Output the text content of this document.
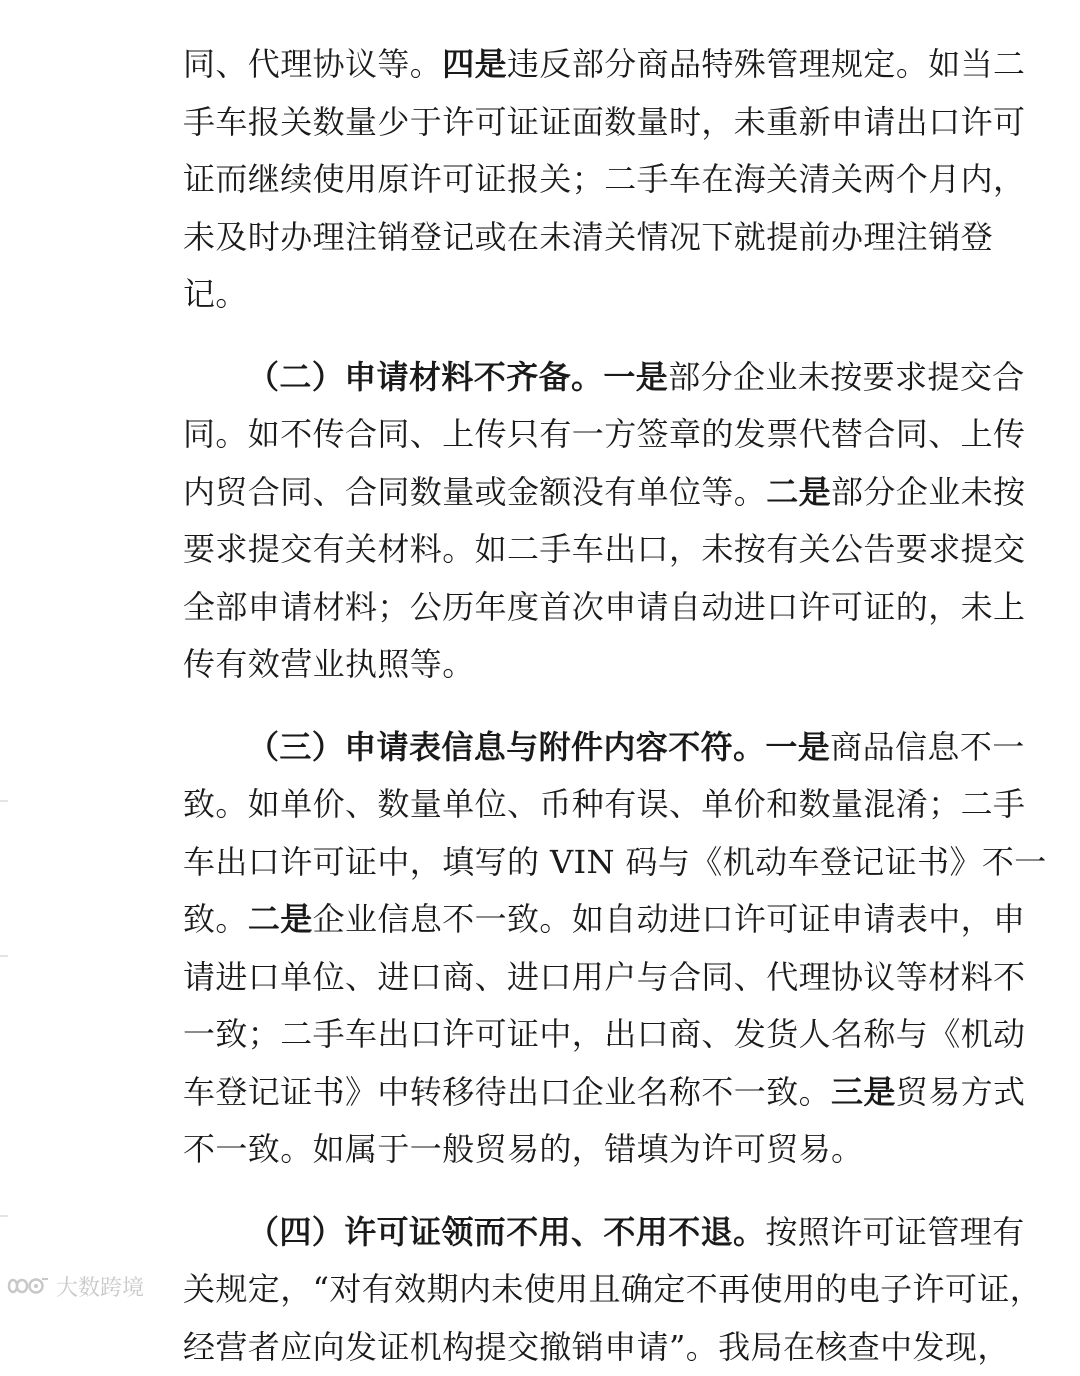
同、代理协议等。四是违反部分商品特殊管理规定。如当二
手车报关数量少于许可证证面数量时，未重新申请出口许可
证而继续使用原许可证报关；二手车在海关清关两个月内，
未及时办理注销登记或在未清关情况下就提前办理注销登
记。
（二）申请材料不齐备。一是部分企业未按要求提交合
同。如不传合同、上传只有一方签章的发票代替合同、上传
内贸合同、合同数量或金额没有单位等。二是部分企业未按
要求提交有关材料。如二手车出口，未按有关公告要求提交
全部申请材料；公历年度首次申请自动进口许可证的，未上
传有效营业执照等。
（三）申请表信息与附件内容不符。一是商品信息不一
致。如单价、数量单位、币种有误、单价和数量混淆；二手
车出口许可证中，填写的 VIN 码与《机动车登记证书》不一
致。二是企业信息不一致。如自动进口许可证申请表中，申
请进口单位、进口商、进口用户与合同、代理协议等材料不
一致；二手车出口许可证中，出口商、发货人名称与《机动
车登记证书》中转移待出口企业名称不一致。三是贸易方式
不一致。如属于一般贸易的，错填为许可贸易。
（四）许可证领而不用、不用不退。按照许可证管理有
关规定，“对有效期内未使用且确定不再使用的电子许可证，
经营者应向发证机构提交撤销申请”。我局在核查中发现，
大数跨境
